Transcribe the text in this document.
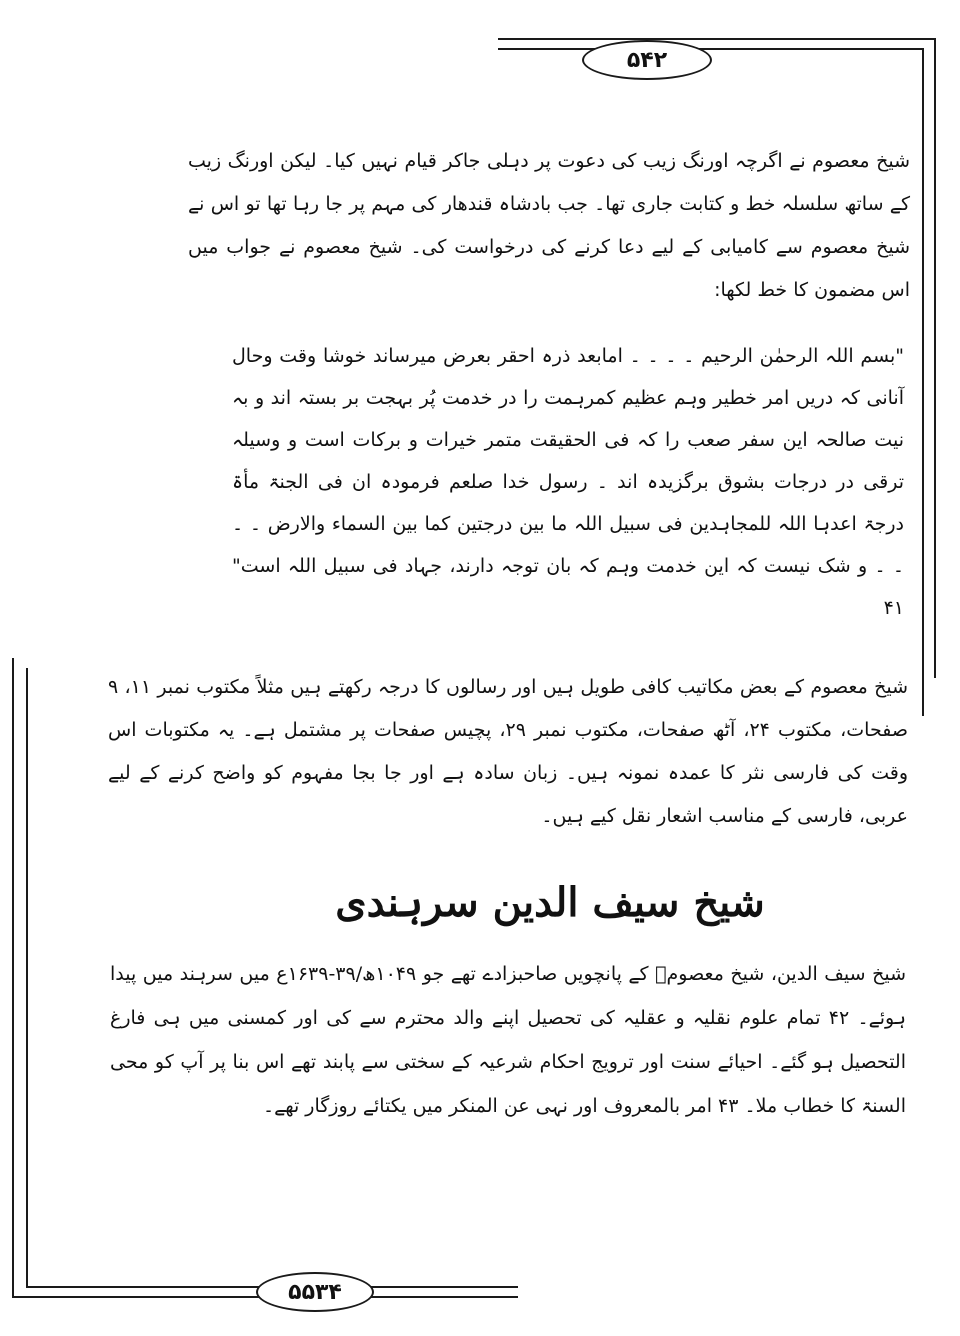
۵۴۲
۵۵۳۴

شیخ معصوم نے اگرچہ اورنگ زیب کی دعوت پر دہلی جاکر قیام نہیں کیا۔ لیکن اورنگ زیب کے ساتھ سلسلہ خط و کتابت جاری تھا۔ جب بادشاہ قندھار کی مہم پر جا رہا تھا تو اس نے شیخ معصوم سے کامیابی کے لیے دعا کرنے کی درخواست کی۔ شیخ معصوم نے جواب میں اس مضمون کا خط لکھا:

"بسم اللہ الرحمٰن الرحیم ۔ ۔ ۔ ۔ امابعد ذرہ احقر بعرض میرساند خوشا وقت وحال آنانی کہ دریں امر خطیر وہم عظیم کمرہمت را در خدمت پُر بہجت بر بستہ اند و بہ نیت صالحہ این سفر صعب را کہ فی الحقیقت متمر خیرات و برکات است و وسیلہ ترقی در درجات بشوق برگزیدہ اند ۔ رسول خدا صلعم فرمودہ ان فی الجنۃ مأۃ درجۃ اعدہا اللہ للمجاہدین فی سبیل اللہ ما بین درجتین کما بین السماء والارض ۔ ۔ ۔ ۔ و شک نیست کہ این خدمت وہم کہ بان توجہ دارند، جہاد فی سبیل اللہ است" ۴۱

شیخ معصوم کے بعض مکاتیب کافی طویل ہیں اور رسالوں کا درجہ رکھتے ہیں مثلاً مکتوب نمبر ۱۱، ۹ صفحات، مکتوب ۲۴، آٹھ صفحات، مکتوب نمبر ۲۹، پچیس صفحات پر مشتمل ہے۔ یہ مکتوبات اس وقت کی فارسی نثر کا عمدہ نمونہ ہیں۔ زبان سادہ ہے اور جا بجا مفہوم کو واضح کرنے کے لیے عربی، فارسی کے مناسب اشعار نقل کیے ہیں۔

شیخ سیف الدین سرہندی

شیخ سیف الدین، شیخ معصومؒ کے پانچویں صاحبزادے تھے جو ۱۰۴۹ھ/۳۹-۱۶۳۹ع میں سرہند میں پیدا ہوئے۔ ۴۲ تمام علوم نقلیہ و عقلیہ کی تحصیل اپنے والد محترم سے کی اور کمسنی میں ہی فارغ التحصیل ہو گئے۔ احیائے سنت اور ترویج احکام شرعیہ کے سختی سے پابند تھے اس بنا پر آپ کو محی السنۃ کا خطاب ملا۔ ۴۳ امر بالمعروف اور نہی عن المنکر میں یکتائے روزگار تھے۔
